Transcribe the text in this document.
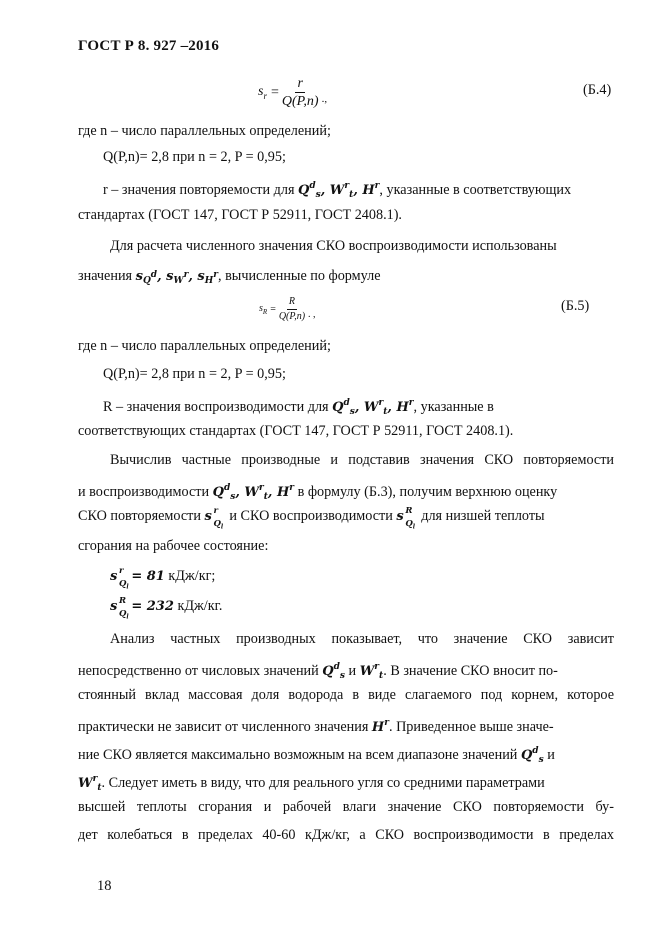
ГОСТ Р 8. 927 –2016
$s_r = \frac{r}{Q(P,n)}$ .,
(Б.4)
где n – число параллельных определений;
Q(P,n)= 2,8 при n = 2, P = 0,95;
r – значения повторяемости для $Q^d_s$, $W^r_t$, $H^r$, указанные в соответствующих
стандартах (ГОСТ 147, ГОСТ Р 52911, ГОСТ 2408.1).
Для расчета численного значения СКО воспроизводимости использованы
значения $s_{Q^d}$, $s_{W^r}$, $s_{H^r}$, вычисленные по формуле
$s_R = \frac{R}{Q(P,n)}$ . ,
(Б.5)
где n – число параллельных определений;
Q(P,n)= 2,8 при n = 2, P = 0,95;
R – значения воспроизводимости для $Q^d_s$, $W^r_t$, $H^r$, указанные в
соответствующих стандартах (ГОСТ 147, ГОСТ Р 52911, ГОСТ 2408.1).
Вычислив частные производные и подставив значения СКО повторяемости
и воспроизводимости $Q^d_s$, $W^r_t$, $H^r$ в формулу (Б.3), получим верхнюю оценку
СКО повторяемости s r
$Q_l$
и СКО воспроизводимости s R
$Q_l$
для низшей теплоты
сгорания на рабочее состояние:
s r
$Q_l$
= 81 кДж/кг;
s R
$Q_l$
= 232 кДж/кг.
Анализ частных производных показывает, что значение СКО зависит
непосредственно от числовых значений $Q^d_s$ и $W^r_t$. В значение СКО вносит по-
стоянный вклад массовая доля водорода в виде слагаемого под корнем, которое
практически не зависит от численного значения $H^r$. Приведенное выше значе-
ние СКО является максимально возможным на всем диапазоне значений $Q^d_s$ и
$W^r_t$. Следует иметь в виду, что для реального угля со средними параметрами
высшей теплоты сгорания и рабочей влаги значение СКО повторяемости бу-
дет колебаться в пределах 40-60 кДж/кг, а СКО воспроизводимости в пределах
18
